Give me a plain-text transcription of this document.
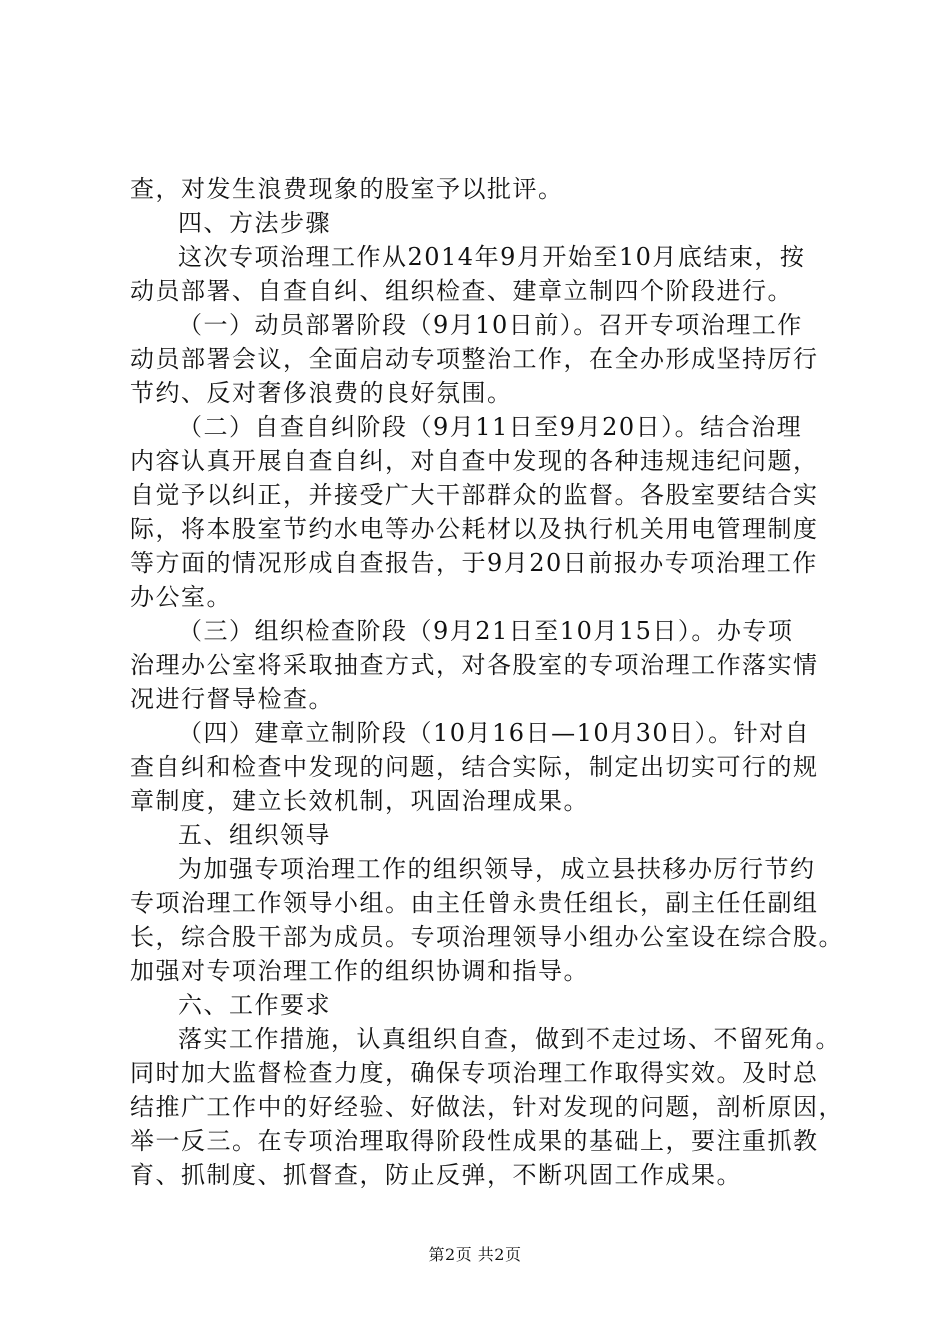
查，对发生浪费现象的股室予以批评。
四、方法步骤
这次专项治理工作从2014年9月开始至10月底结束，按
动员部署、自查自纠、组织检查、建章立制四个阶段进行。
（一）动员部署阶段（9月10日前）。召开专项治理工作
动员部署会议，全面启动专项整治工作，在全办形成坚持厉行
节约、反对奢侈浪费的良好氛围。
（二）自查自纠阶段（9月11日至9月20日）。结合治理
内容认真开展自查自纠，对自查中发现的各种违规违纪问题，
自觉予以纠正，并接受广大干部群众的监督。各股室要结合实
际，将本股室节约水电等办公耗材以及执行机关用电管理制度
等方面的情况形成自查报告，于9月20日前报办专项治理工作
办公室。
（三）组织检查阶段（9月21日至10月15日）。办专项
治理办公室将采取抽查方式，对各股室的专项治理工作落实情
况进行督导检查。
（四）建章立制阶段（10月16日—10月30日）。针对自
查自纠和检查中发现的问题，结合实际，制定出切实可行的规
章制度，建立长效机制，巩固治理成果。
五、组织领导
为加强专项治理工作的组织领导，成立县扶移办厉行节约
专项治理工作领导小组。由主任曾永贵任组长，副主任任副组
长，综合股干部为成员。专项治理领导小组办公室设在综合股。
加强对专项治理工作的组织协调和指导。
六、工作要求
落实工作措施，认真组织自查，做到不走过场、不留死角。
同时加大监督检查力度，确保专项治理工作取得实效。及时总
结推广工作中的好经验、好做法，针对发现的问题，剖析原因，
举一反三。在专项治理取得阶段性成果的基础上，要注重抓教
育、抓制度、抓督查，防止反弹，不断巩固工作成果。
第2页 共2页
